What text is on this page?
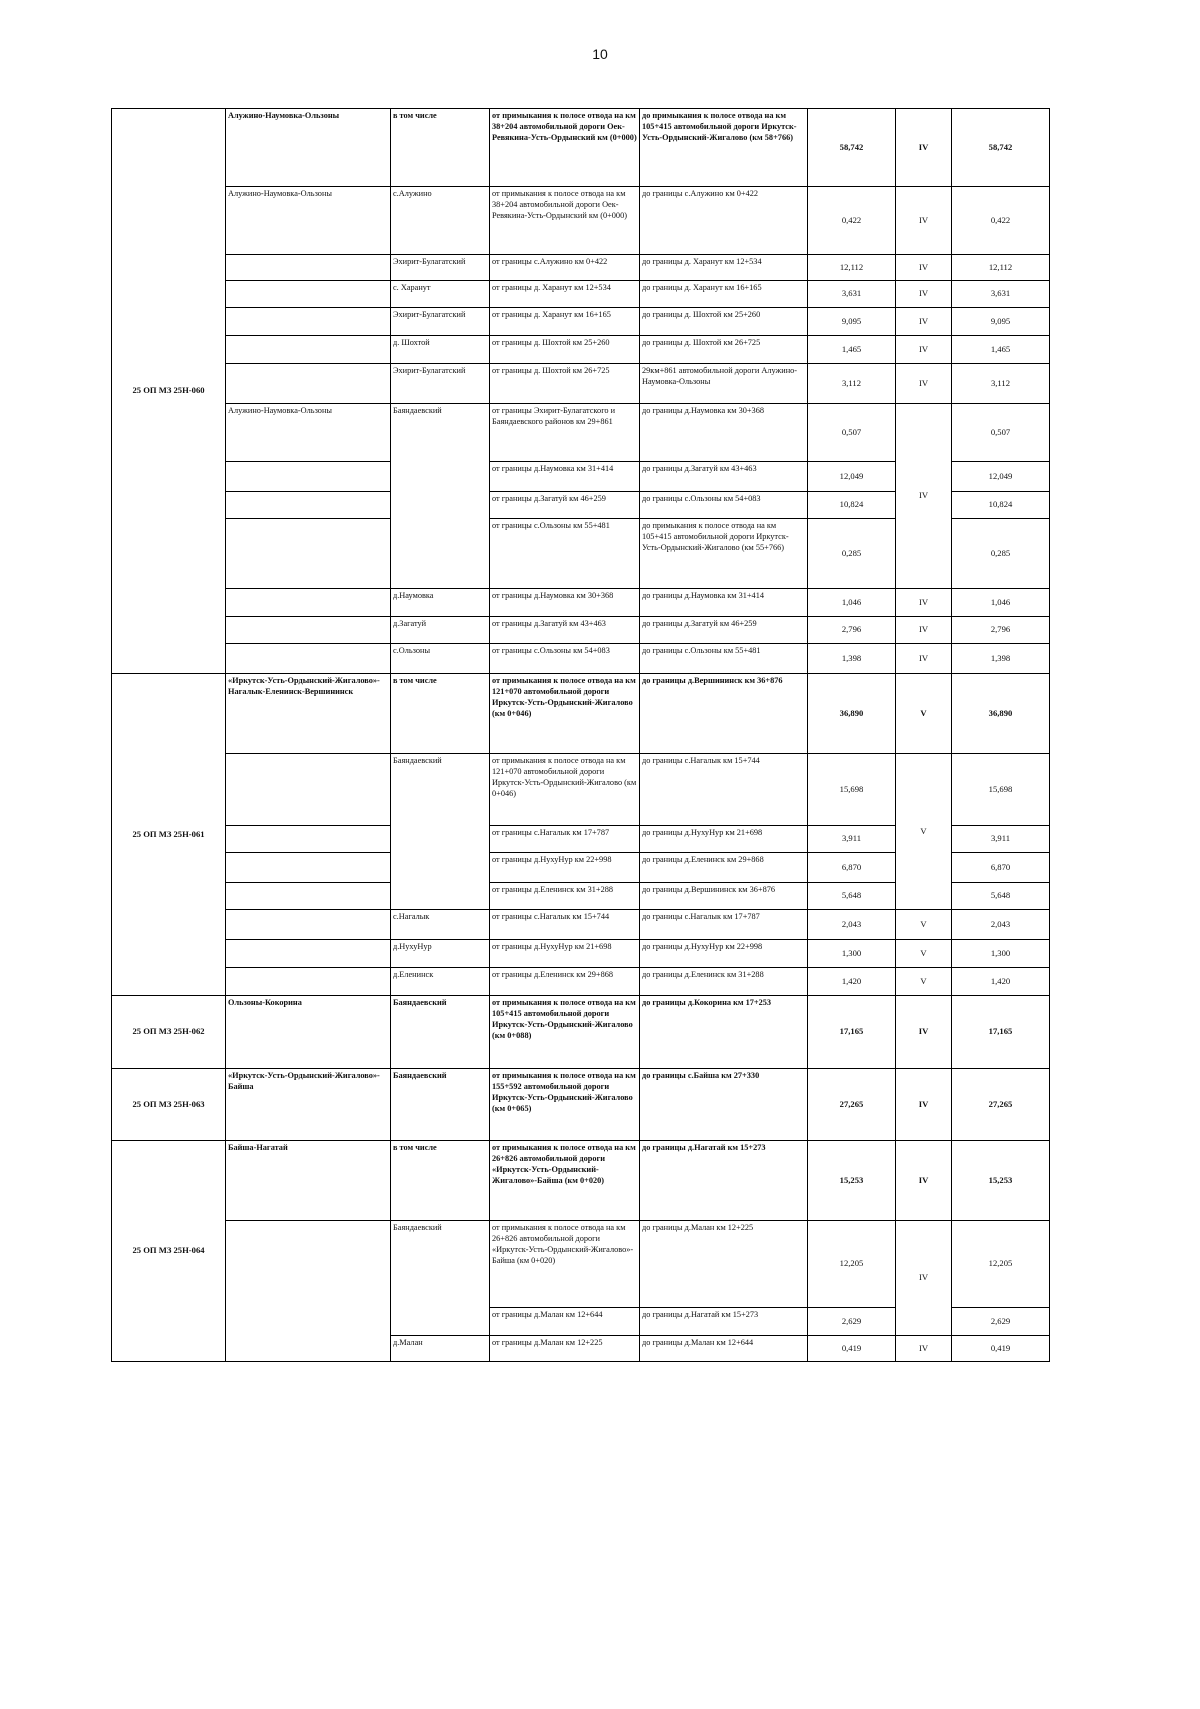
10
25 ОП МЗ 25Н-060	Алужино-Наумовка-Ользоны	в том числе	от примыкания к полосе отвода на км 38+204 автомобильной дороги Оек-Ревякина-Усть-Ордынский км (0+000)	до примыкания к полосе отвода на км 105+415 автомобильной дороги Иркутск-Усть-Ордынский-Жигалово (км 58+766)	58,742	IV	58,742
	Алужино-Наумовка-Ользоны	с.Алужино	от примыкания к полосе отвода на км 38+204 автомобильной дороги Оек-Ревякина-Усть-Ордынский км (0+000)	до границы с.Алужино км 0+422	0,422	IV	0,422
		Эхирит-Булагатский	от границы с.Алужино км 0+422	до границы д. Харанут км 12+534	12,112	IV	12,112
		с. Харанут	от границы д. Харанут км 12+534	до границы д. Харанут км 16+165	3,631	IV	3,631
		Эхирит-Булагатский	от границы д. Харанут км 16+165	до границы д. Шохтой км 25+260	9,095	IV	9,095
		д. Шохтой	от границы д. Шохтой км 25+260	до границы д. Шохтой км 26+725	1,465	IV	1,465
		Эхирит-Булагатский	от границы д. Шохтой км 26+725	29км+861 автомобильной дороги Алужино-Наумовка-Ользоны	3,112	IV	3,112
	Алужино-Наумовка-Ользоны	Баяндаевский	от границы Эхирит-Булагатского и Баяндаевского районов км 29+861	до границы д.Наумовка км 30+368	0,507	IV	0,507
			от границы д.Наумовка км 31+414	до границы д.Загатуй км 43+463	12,049		12,049
			от границы д.Загатуй км 46+259	до границы с.Ользоны км 54+083	10,824		10,824
			от границы с.Ользоны км 55+481	до примыкания к полосе отвода на км 105+415 автомобильной дороги Иркутск-Усть-Ордынский-Жигалово (км 55+766)	0,285		0,285
		д.Наумовка	от границы д.Наумовка км 30+368	до границы д.Наумовка км 31+414	1,046	IV	1,046
		д.Загатуй	от границы д.Загатуй км 43+463	до границы д.Загатуй км 46+259	2,796	IV	2,796
		с.Ользоны	от границы с.Ользоны км 54+083	до границы с.Ользоны км 55+481	1,398	IV	1,398
25 ОП МЗ 25Н-061	«Иркутск-Усть-Ордынский-Жигалово»-Нагалык-Еленинск-Вершининск	в том числе	от примыкания к полосе отвода на км 121+070 автомобильной дороги Иркутск-Усть-Ордынский-Жигалово (км 0+046)	до границы д.Вершининск км 36+876	36,890	V	36,890
		Баяндаевский	от примыкания к полосе отвода на км 121+070 автомобильной дороги Иркутск-Усть-Ордынский-Жигалово (км 0+046)	до границы с.Нагалык км 15+744	15,698	V	15,698
			от границы с.Нагалык км 17+787	до границы д.НухуНур км 21+698	3,911		3,911
			от границы д.НухуНур км 22+998	до границы д.Еленинск км 29+868	6,870		6,870
			от границы д.Еленинск км 31+288	до границы д.Вершининск км 36+876	5,648		5,648
		с.Нагалык	от границы с.Нагалык км 15+744	до границы с.Нагалык км 17+787	2,043	V	2,043
		д.НухуНур	от границы д.НухуНур км 21+698	до границы д.НухуНур км 22+998	1,300	V	1,300
		д.Еленинск	от границы д.Еленинск км 29+868	до границы д.Еленинск км 31+288	1,420	V	1,420
25 ОП МЗ 25Н-062	Ользоны-Кокорина	Баяндаевский	от примыкания к полосе отвода на км 105+415 автомобильной дороги Иркутск-Усть-Ордынский-Жигалово (км 0+088)	до границы д.Кокорина км 17+253	17,165	IV	17,165
25 ОП МЗ 25Н-063	«Иркутск-Усть-Ордынский-Жигалово»-Байша	Баяндаевский	от примыкания к полосе отвода на км 155+592 автомобильной дороги Иркутск-Усть-Ордынский-Жигалово (км 0+065)	до границы с.Байша км 27+330	27,265	IV	27,265
25 ОП МЗ 25Н-064	Байша-Нагатай	в том числе	от примыкания к полосе отвода на км 26+826 автомобильной дороги «Иркутск-Усть-Ордынский-Жигалово»-Байша (км 0+020)	до границы д.Нагатай км 15+273	15,253	IV	15,253
		Баяндаевский	от примыкания к полосе отвода на км 26+826 автомобильной дороги «Иркутск-Усть-Ордынский-Жигалово»-Байша (км 0+020)	до границы д.Малан км 12+225	12,205	IV	12,205
			от границы д.Малан км 12+644	до границы д.Нагатай км 15+273	2,629		2,629
		д.Малан	от границы д.Малан км 12+225	до границы д.Малан км 12+644	0,419	IV	0,419
